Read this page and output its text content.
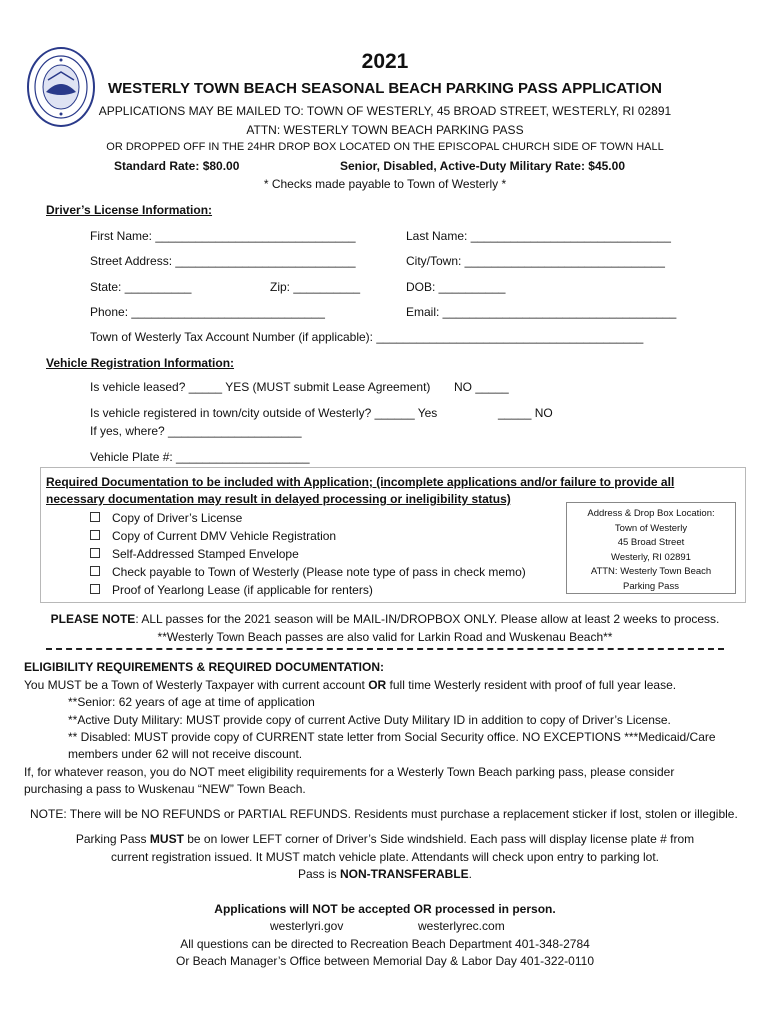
2021
WESTERLY TOWN BEACH SEASONAL BEACH PARKING PASS APPLICATION
APPLICATIONS MAY BE MAILED TO: TOWN OF WESTERLY, 45 BROAD STREET, WESTERLY, RI 02891
ATTN: WESTERLY TOWN BEACH PARKING PASS
OR DROPPED OFF IN THE 24HR DROP BOX LOCATED ON THE EPISCOPAL CHURCH SIDE OF TOWN HALL
Standard Rate: $80.00	Senior, Disabled, Active-Duty Military Rate: $45.00
* Checks made payable to Town of Westerly *
Driver’s License Information:
First Name: ______________________________	Last Name: ______________________________
Street Address: ___________________________	City/Town: ______________________________
State: __________	Zip: __________	DOB: __________
Phone: _____________________________	Email: ___________________________________
Town of Westerly Tax Account Number (if applicable): ________________________________________
Vehicle Registration Information:
Is vehicle leased? _____ YES (MUST submit Lease Agreement) NO _____
Is vehicle registered in town/city outside of Westerly? ______ Yes	_____ NO
If yes, where? ____________________
Vehicle Plate #: ____________________
Required Documentation to be included with Application; (incomplete applications and/or failure to provide all
necessary documentation may result in delayed processing or ineligibility status)
Copy of Driver’s License
Copy of Current DMV Vehicle Registration
Self-Addressed Stamped Envelope
Check payable to Town of Westerly (Please note type of pass in check memo)
Proof of Yearlong Lease (if applicable for renters)
Address & Drop Box Location:
Town of Westerly
45 Broad Street
Westerly, RI 02891
ATTN: Westerly Town Beach
Parking Pass
PLEASE NOTE: ALL passes for the 2021 season will be MAIL-IN/DROPBOX ONLY. Please allow at least 2 weeks to process.
**Westerly Town Beach passes are also valid for Larkin Road and Wuskenau Beach**
ELIGIBILITY REQUIREMENTS & REQUIRED DOCUMENTATION:
You MUST be a Town of Westerly Taxpayer with current account OR full time Westerly resident with proof of full year lease.
**Senior: 62 years of age at time of application
**Active Duty Military: MUST provide copy of current Active Duty Military ID in addition to copy of Driver’s License.
** Disabled: MUST provide copy of CURRENT state letter from Social Security office. NO EXCEPTIONS ***Medicaid/Care
members under 62 will not receive discount.
If, for whatever reason, you do NOT meet eligibility requirements for a Westerly Town Beach parking pass, please consider
purchasing a pass to Wuskenau “NEW” Town Beach.
NOTE: There will be NO REFUNDS or PARTIAL REFUNDS. Residents must purchase a replacement sticker if lost, stolen or illegible.
Parking Pass MUST be on lower LEFT corner of Driver’s Side windshield. Each pass will display license plate # from
current registration issued. It MUST match vehicle plate. Attendants will check upon entry to parking lot.
Pass is NON-TRANSFERABLE.
Applications will NOT be accepted OR processed in person.
westerlyri.gov	westerlyrec.com
All questions can be directed to Recreation Beach Department 401-348-2784
Or Beach Manager’s Office between Memorial Day & Labor Day 401-322-0110
